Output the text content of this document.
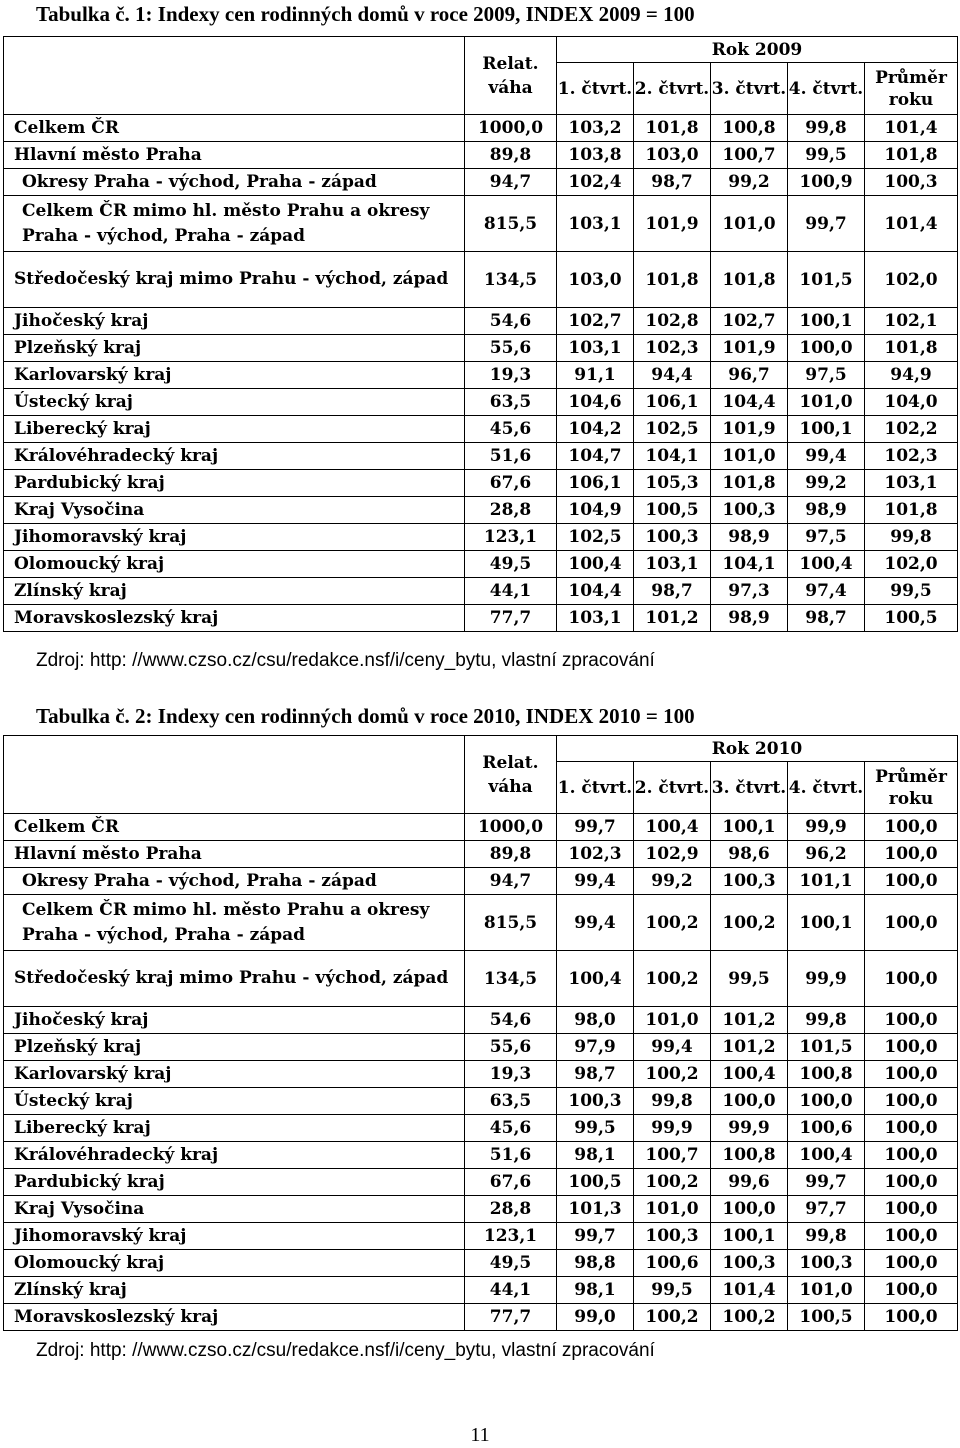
Tabulka č. 1: Indexy cen rodinných domů v roce 2009, INDEX 2009 = 100
	Relat. váha	Rok 2009				
		1. čtvrt.	2. čtvrt.	3. čtvrt.	4. čtvrt.	Průměr roku
Celkem ČR	1000,0	103,2	101,8	100,8	99,8	101,4
Hlavní město Praha	89,8	103,8	103,0	100,7	99,5	101,8
Okresy Praha - východ, Praha - západ	94,7	102,4	98,7	99,2	100,9	100,3
Celkem ČR mimo hl. město Prahu a okresy Praha - východ, Praha - západ	815,5	103,1	101,9	101,0	99,7	101,4
Středočeský kraj mimo Prahu - východ, západ	134,5	103,0	101,8	101,8	101,5	102,0
Jihočeský kraj	54,6	102,7	102,8	102,7	100,1	102,1
Plzeňský kraj	55,6	103,1	102,3	101,9	100,0	101,8
Karlovarský kraj	19,3	91,1	94,4	96,7	97,5	94,9
Ústecký kraj	63,5	104,6	106,1	104,4	101,0	104,0
Liberecký kraj	45,6	104,2	102,5	101,9	100,1	102,2
Královéhradecký kraj	51,6	104,7	104,1	101,0	99,4	102,3
Pardubický kraj	67,6	106,1	105,3	101,8	99,2	103,1
Kraj Vysočina	28,8	104,9	100,5	100,3	98,9	101,8
Jihomoravský kraj	123,1	102,5	100,3	98,9	97,5	99,8
Olomoucký kraj	49,5	100,4	103,1	104,1	100,4	102,0
Zlínský kraj	44,1	104,4	98,7	97,3	97,4	99,5
Moravskoslezský kraj	77,7	103,1	101,2	98,9	98,7	100,5
Zdroj: http: //www.czso.cz/csu/redakce.nsf/i/ceny_bytu, vlastní zpracování
Tabulka č. 2: Indexy cen rodinných domů v roce 2010, INDEX 2010 = 100
	Relat. váha	Rok 2010				
		1. čtvrt.	2. čtvrt.	3. čtvrt.	4. čtvrt.	Průměr roku
Celkem ČR	1000,0	99,7	100,4	100,1	99,9	100,0
Hlavní město Praha	89,8	102,3	102,9	98,6	96,2	100,0
Okresy Praha - východ, Praha - západ	94,7	99,4	99,2	100,3	101,1	100,0
Celkem ČR mimo hl. město Prahu a okresy Praha - východ, Praha - západ	815,5	99,4	100,2	100,2	100,1	100,0
Středočeský kraj mimo Prahu - východ, západ	134,5	100,4	100,2	99,5	99,9	100,0
Jihočeský kraj	54,6	98,0	101,0	101,2	99,8	100,0
Plzeňský kraj	55,6	97,9	99,4	101,2	101,5	100,0
Karlovarský kraj	19,3	98,7	100,2	100,4	100,8	100,0
Ústecký kraj	63,5	100,3	99,8	100,0	100,0	100,0
Liberecký kraj	45,6	99,5	99,9	99,9	100,6	100,0
Královéhradecký kraj	51,6	98,1	100,7	100,8	100,4	100,0
Pardubický kraj	67,6	100,5	100,2	99,6	99,7	100,0
Kraj Vysočina	28,8	101,3	101,0	100,0	97,7	100,0
Jihomoravský kraj	123,1	99,7	100,3	100,1	99,8	100,0
Olomoucký kraj	49,5	98,8	100,6	100,3	100,3	100,0
Zlínský kraj	44,1	98,1	99,5	101,4	101,0	100,0
Moravskoslezský kraj	77,7	99,0	100,2	100,2	100,5	100,0
Zdroj: http: //www.czso.cz/csu/redakce.nsf/i/ceny_bytu, vlastní zpracování
11
